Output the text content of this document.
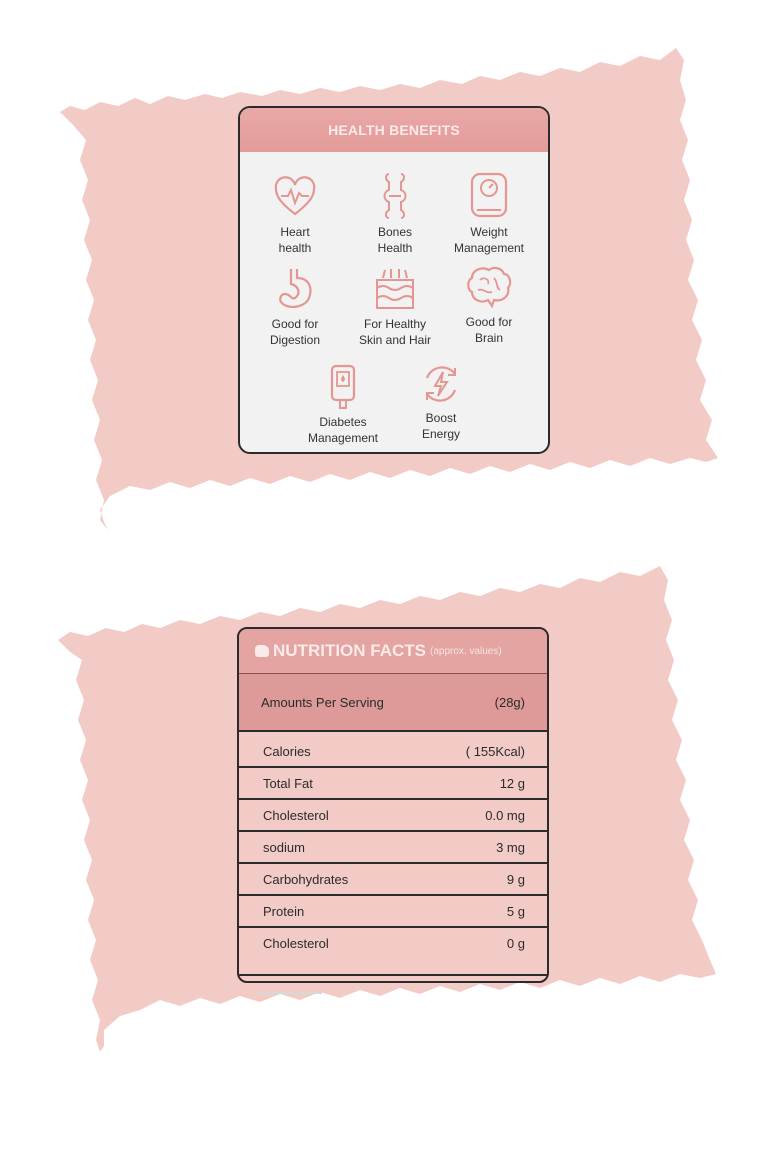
HEALTH BENEFITS
Heart
health
Bones
Health
Weight
Management
Good for
Digestion
For Healthy
Skin and Hair
Good for
Brain
Diabetes
Management
Boost
Energy
NUTRITION FACTS (approx. values)
Amounts Per Serving	(28g)
Calories	( 155Kcal)
Total Fat	12 g
Cholesterol	0.0 mg
sodium	3 mg
Carbohydrates	9 g
Protein	5 g
Cholesterol	0 g
